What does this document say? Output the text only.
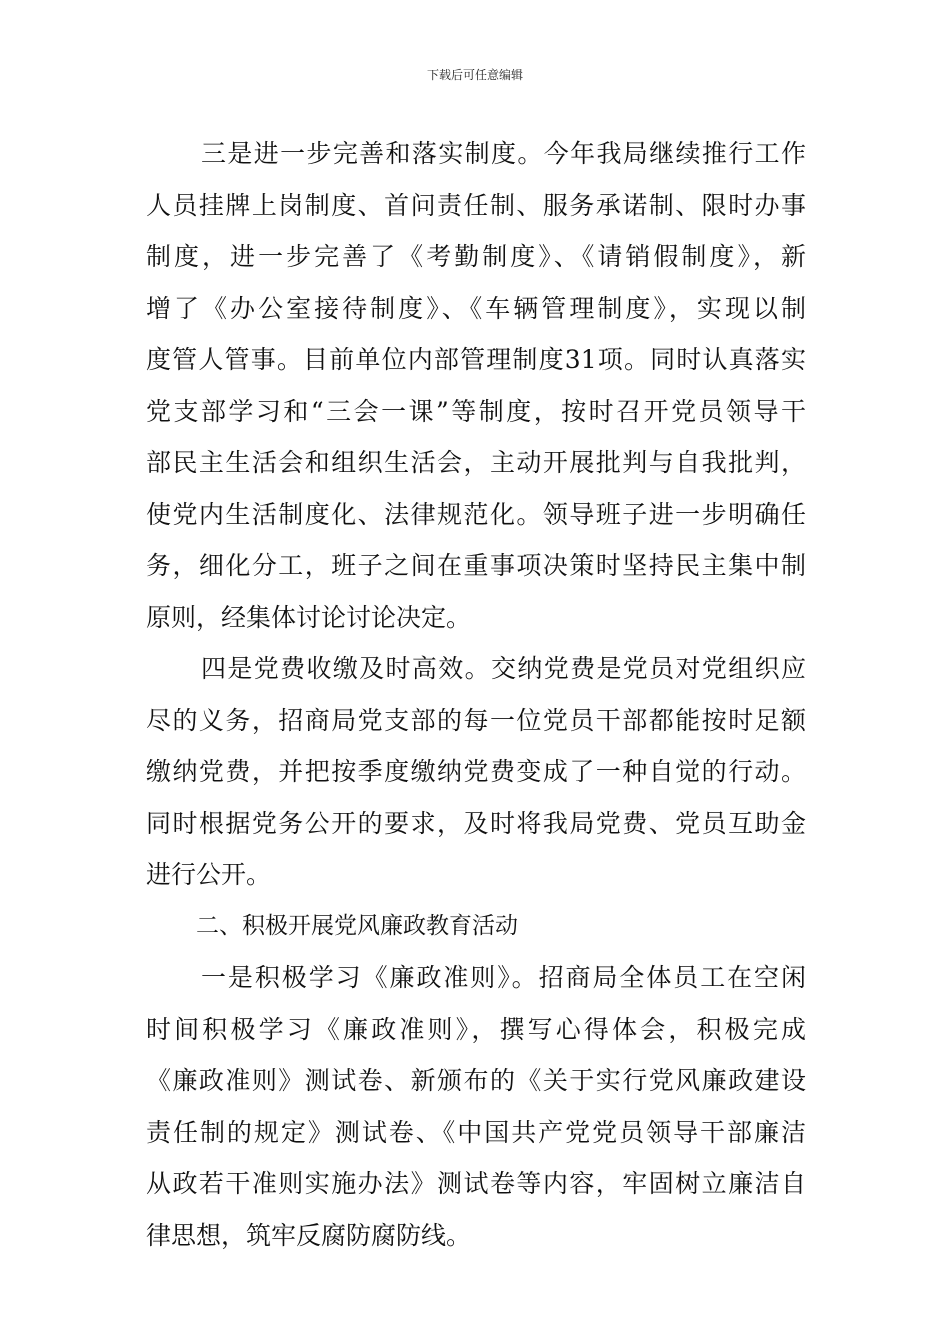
下载后可任意编辑
三是进一步完善和落实制度。今年我局继续推行工作
人员挂牌上岗制度、首问责任制、服务承诺制、限时办事
制度，进一步完善了《考勤制度》、《请销假制度》，新
增了《办公室接待制度》、《车辆管理制度》，实现以制
度管人管事。目前单位内部管理制度31项。同时认真落实
党支部学习和“三会一课”等制度，按时召开党员领导干
部民主生活会和组织生活会，主动开展批判与自我批判，
使党内生活制度化、法律规范化。领导班子进一步明确任
务，细化分工，班子之间在重事项决策时坚持民主集中制
原则，经集体讨论讨论决定。
四是党费收缴及时高效。交纳党费是党员对党组织应
尽的义务，招商局党支部的每一位党员干部都能按时足额
缴纳党费，并把按季度缴纳党费变成了一种自觉的行动。
同时根据党务公开的要求，及时将我局党费、党员互助金
进行公开。
二、积极开展党风廉政教育活动
一是积极学习《廉政准则》。招商局全体员工在空闲
时间积极学习《廉政准则》，撰写心得体会，积极完成
《廉政准则》测试卷、新颁布的《关于实行党风廉政建设
责任制的规定》测试卷、《中国共产党党员领导干部廉洁
从政若干准则实施办法》测试卷等内容，牢固树立廉洁自
律思想，筑牢反腐防腐防线。
